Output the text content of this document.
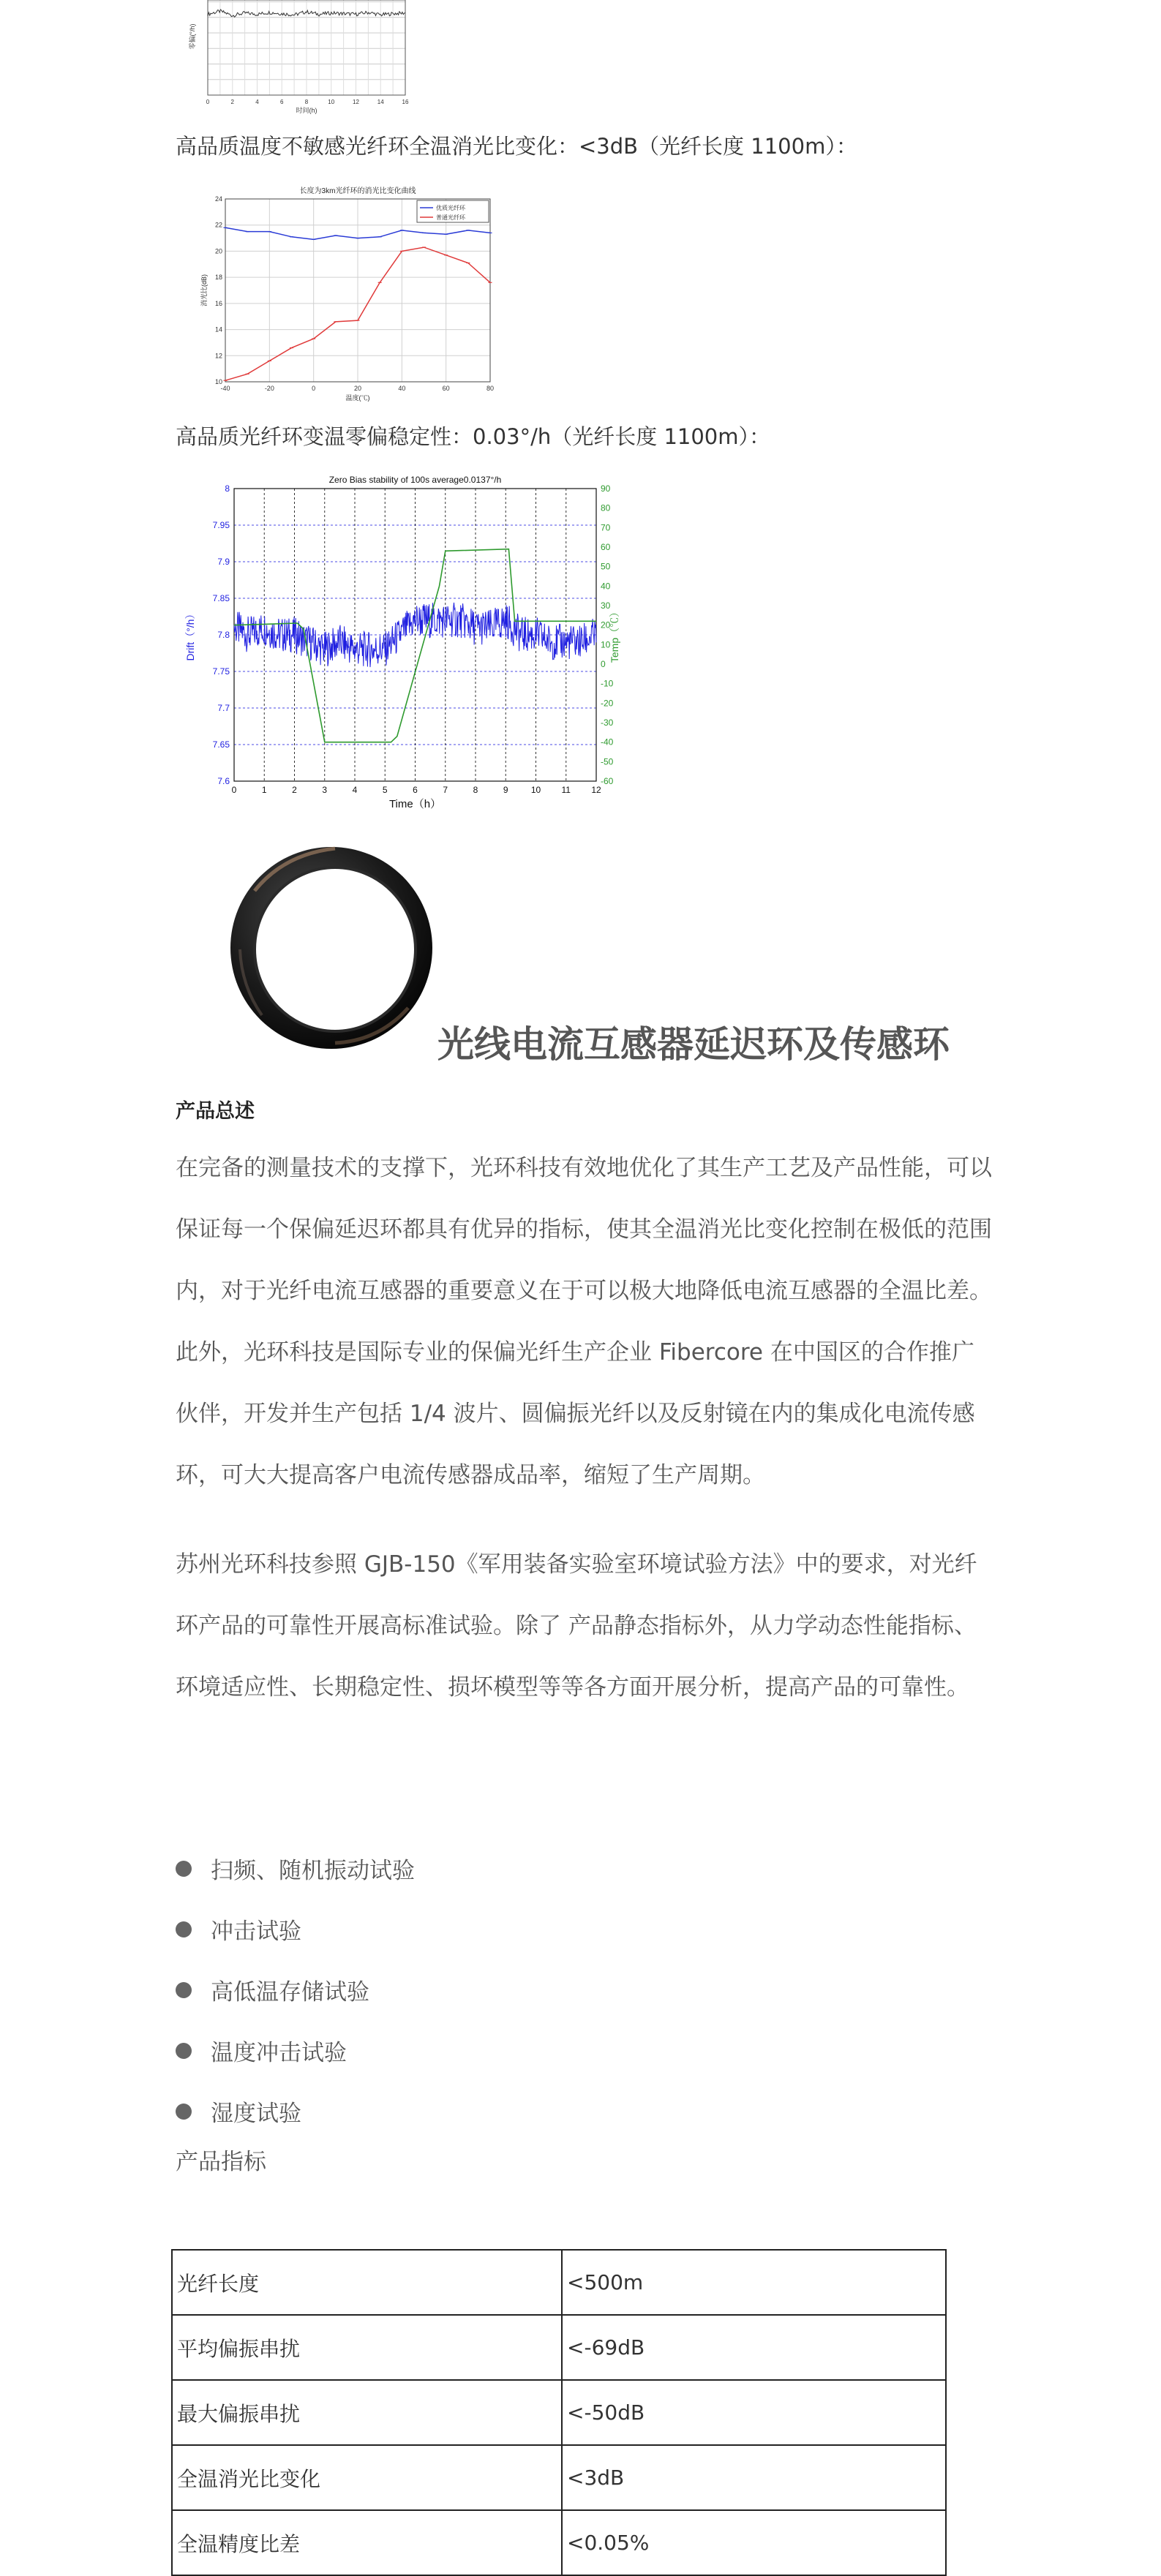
0	2	4	6	8	10	12	14	16
时间(h)
零偏(°/h)
高品质温度不敏感光纤环全温消光比变化：<3dB（光纤长度 1100m）：
10
12
14
16
18
20
22
24
-40	-20	0	20	40	60	80
优质光纤环
普通光纤环
长度为3km光纤环的消光比变化曲线
温度(℃)
消光比(dB)
高品质光纤环变温零偏稳定性：0.03°/h（光纤长度 1100m）：
7.6
7.65
7.7
7.75
7.8
7.85
7.9
7.95
8
0	1	2	3	4	5	6	7	8	9	10 11 12
-60
-50
-40
-30
-20
-10
0
10
20
30
40
50
60
70
80
90
Zero Bias stability of 100s average0.0137°/h
Time（h）
Drift（°/h）	Temp（℃）
光线电流互感器延迟环及传感环
产品总述

在完备的测量技术的支撑下，光环科技有效地优化了其生产工艺及产品性能，可以保证每一个保偏延迟环都具有优异的指标，使其全温消光比变化控制在极低的范围内，对于光纤电流互感器的重要意义在于可以极大地降低电流互感器的全温比差。此外，光环科技是国际专业的保偏光纤生产企业 Fibercore 在中国区的合作推广伙伴，开发并生产包括 1/4 波片、圆偏振光纤以及反射镜在内的集成化电流传感环，可大大提高客户电流传感器成品率，缩短了生产周期。

苏州光环科技参照 GJB-150《军用装备实验室环境试验方法》中的要求，对光纤环产品的可靠性开展高标准试验。除了 产品静态指标外，从力学动态性能指标、环境适应性、长期稳定性、损坏模型等等各方面开展分析，提高产品的可靠性。

扫频、随机振动试验
冲击试验
高低温存储试验
温度冲击试验
湿度试验
产品指标
光纤长度	<500m
平均偏振串扰	<-69dB
最大偏振串扰	<-50dB
全温消光比变化	<3dB
全温精度比差	<0.05%
